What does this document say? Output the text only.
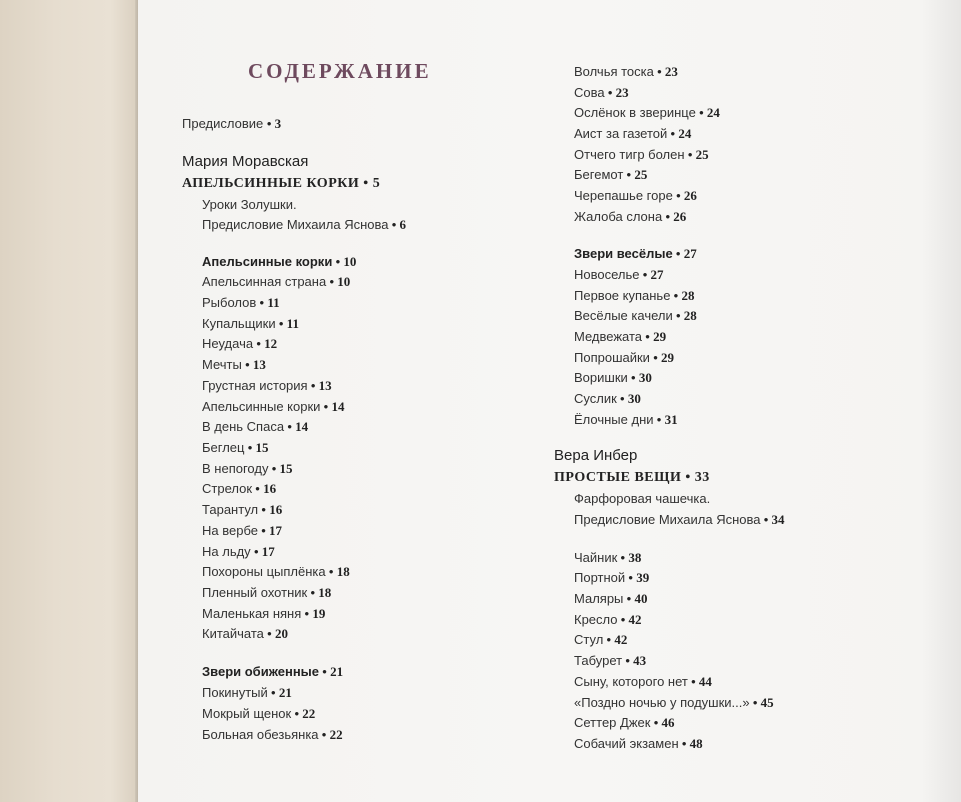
СОДЕРЖАНИЕ
Предисловие • 3
Мария Моравская
АПЕЛЬСИННЫЕ КОРКИ • 5
Уроки Золушки.
Предисловие Михаила Яснова • 6
Апельсинные корки • 10
Апельсинная страна • 10
Рыболов • 11
Купальщики • 11
Неудача • 12
Мечты • 13
Грустная история • 13
Апельсинные корки • 14
В день Спаса • 14
Беглец • 15
В непогоду • 15
Стрелок • 16
Тарантул • 16
На вербе • 17
На льду • 17
Похороны цыплёнка • 18
Пленный охотник • 18
Маленькая няня • 19
Китайчата • 20
Звери обиженные • 21
Покинутый • 21
Мокрый щенок • 22
Больная обезьянка • 22
Волчья тоска • 23
Сова • 23
Ослёнок в зверинце • 24
Аист за газетой • 24
Отчего тигр болен • 25
Бегемот • 25
Черепашье горе • 26
Жалоба слона • 26
Звери весёлые • 27
Новоселье • 27
Первое купанье • 28
Весёлые качели • 28
Медвежата • 29
Попрошайки • 29
Воришки • 30
Суслик • 30
Ёлочные дни • 31
Вера Инбер
ПРОСТЫЕ ВЕЩИ • 33
Фарфоровая чашечка.
Предисловие Михаила Яснова • 34
Чайник • 38
Портной • 39
Маляры • 40
Кресло • 42
Стул • 42
Табурет • 43
Сыну, которого нет • 44
«Поздно ночью у подушки...» • 45
Сеттер Джек • 46
Собачий экзамен • 48
